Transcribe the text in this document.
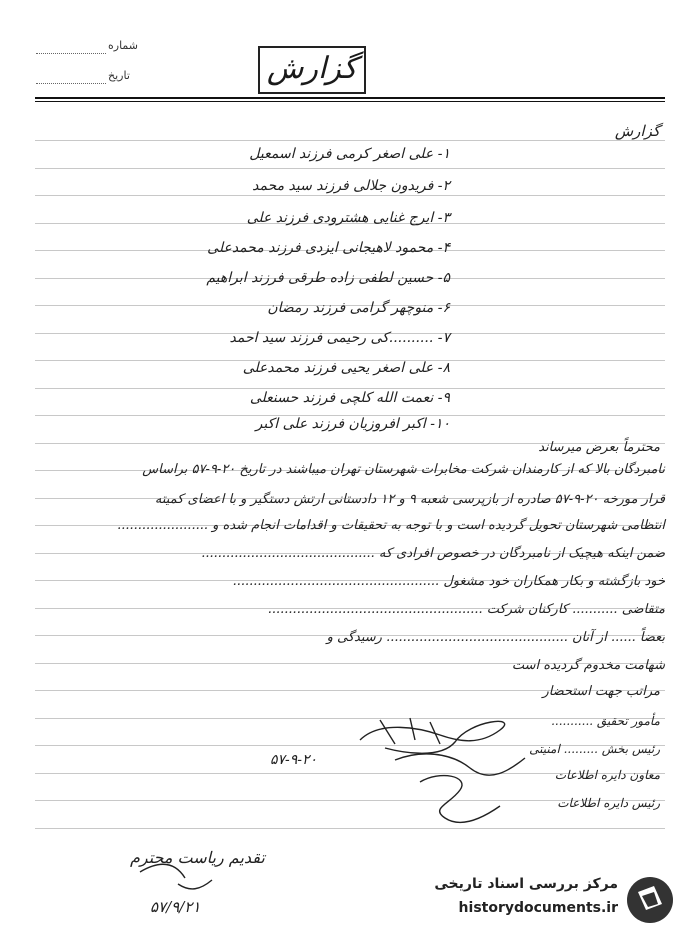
شماره
تاریخ	گزارش
گزارش
۱- علی اصغر کرمی فرزند اسمعیل
۲- فریدون جلالی فرزند سید محمد
۳- ایرج غنایی هشترودی فرزند علی
۴- محمود لاهیجانی ایزدی فرزند محمدعلی
۵- حسین لطفی زاده طرقی فرزند ابراهیم
۶- منوچهر گرامی فرزند رمضان
۷- ..........کی رحیمی فرزند سید احمد
۸- علی اصغر یحیی فرزند محمدعلی
۹- نعمت الله کلچی فرزند حسنعلی
۱۰- اکبر افروزیان فرزند علی اکبر
محترماً بعرض میرساند
نامبردگان بالا که از کارمندان شرکت مخابرات شهرستان تهران میباشند در تاریخ ۲۰-۹-۵۷ براساس
قرار مورخه ۲۰-۹-۵۷ صادره از بازپرسی شعبه ۹ و ۱۲ دادستانی ارتش دستگیر و با اعضای کمیته
انتظامی شهرستان تحویل گردیده است و با توجه به تحقیقات و اقدامات انجام شده و ......................
ضمن اینکه هیچیک از نامبردگان در خصوص افرادی که ..........................................
خود بازگشته و بکار همکاران خود مشغول ..................................................
متقاضی ........... کارکنان شرکت ....................................................
بعضاً ...... از آنان ............................................ رسیدگی و
شهامت مخدوم گردیده است
مراتب جهت استحضار
مأمور تحقیق ...........
رئیس بخش ......... امنیتی
معاون دایره اطلاعات
رئیس دایره اطلاعات
۵۷-۹-۲۰
تقدیم ریاست محترم
۵۷/۹/۲۱
مرکز بررسی اسناد تاریخی
historydocuments.ir
